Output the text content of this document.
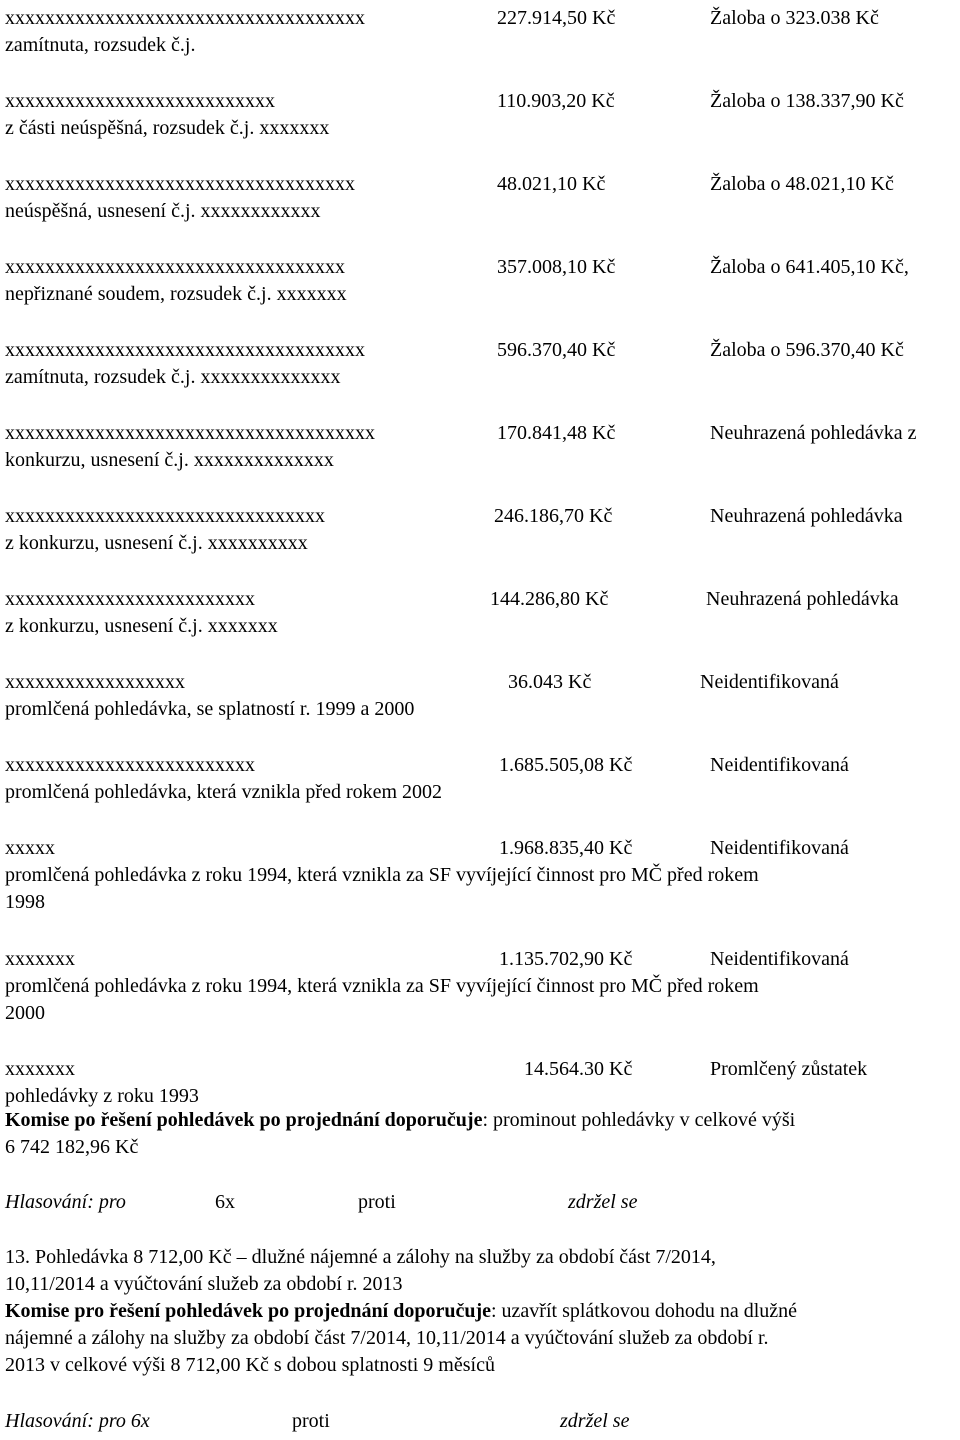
xxxxxxxxxxxxxxxxxxxxxxxxxxxxxxxxxxxx	227.914,50 Kč	Žaloba o 323.038 Kč
zamítnuta, rozsudek č.j.
xxxxxxxxxxxxxxxxxxxxxxxxxxx	110.903,20 Kč	Žaloba o 138.337,90 Kč
z části neúspěšná, rozsudek č.j. xxxxxxx
xxxxxxxxxxxxxxxxxxxxxxxxxxxxxxxxxxx	48.021,10 Kč	Žaloba o 48.021,10 Kč
neúspěšná, usnesení č.j. xxxxxxxxxxxx
xxxxxxxxxxxxxxxxxxxxxxxxxxxxxxxxxx	357.008,10 Kč	Žaloba o 641.405,10 Kč,
nepřiznané soudem, rozsudek č.j. xxxxxxx
xxxxxxxxxxxxxxxxxxxxxxxxxxxxxxxxxxxx	596.370,40 Kč	Žaloba o 596.370,40 Kč
zamítnuta, rozsudek č.j. xxxxxxxxxxxxxx
xxxxxxxxxxxxxxxxxxxxxxxxxxxxxxxxxxxxx	170.841,48 Kč	Neuhrazená pohledávka z
konkurzu, usnesení č.j. xxxxxxxxxxxxxx
xxxxxxxxxxxxxxxxxxxxxxxxxxxxxxxx	246.186,70 Kč	Neuhrazená pohledávka
z konkurzu, usnesení č.j. xxxxxxxxxx
xxxxxxxxxxxxxxxxxxxxxxxxx	144.286,80 Kč	Neuhrazená pohledávka
z konkurzu, usnesení č.j. xxxxxxx
xxxxxxxxxxxxxxxxxx	36.043 Kč	Neidentifikovaná
promlčená pohledávka, se splatností r. 1999 a 2000
xxxxxxxxxxxxxxxxxxxxxxxxx	1.685.505,08 Kč	Neidentifikovaná
promlčená pohledávka, která vznikla před rokem 2002
xxxxx	1.968.835,40 Kč	Neidentifikovaná
promlčená pohledávka z roku 1994, která vznikla za SF vyvíjející činnost pro MČ před rokem
1998
xxxxxxx	1.135.702,90 Kč	Neidentifikovaná
promlčená pohledávka z roku 1994, která vznikla za SF vyvíjející činnost pro MČ před rokem
2000
xxxxxxx	14.564.30 Kč	Promlčený zůstatek
pohledávky z roku 1993
Komise po řešení pohledávek po projednání doporučuje: prominout pohledávky v celkové výši
6 742 182,96 Kč
Hlasování: pro	6x	proti	zdržel se
13. Pohledávka 8 712,00 Kč – dlužné nájemné a zálohy na služby za období část 7/2014,
10,11/2014 a vyúčtování služeb za období r. 2013
Komise pro řešení pohledávek po projednání doporučuje: uzavřít splátkovou dohodu na dlužné
nájemné a zálohy na služby za období část 7/2014, 10,11/2014 a vyúčtování služeb za období r.
2013 v celkové výši 8 712,00 Kč s dobou splatnosti 9 měsíců
Hlasování: pro 6x	proti	zdržel se
